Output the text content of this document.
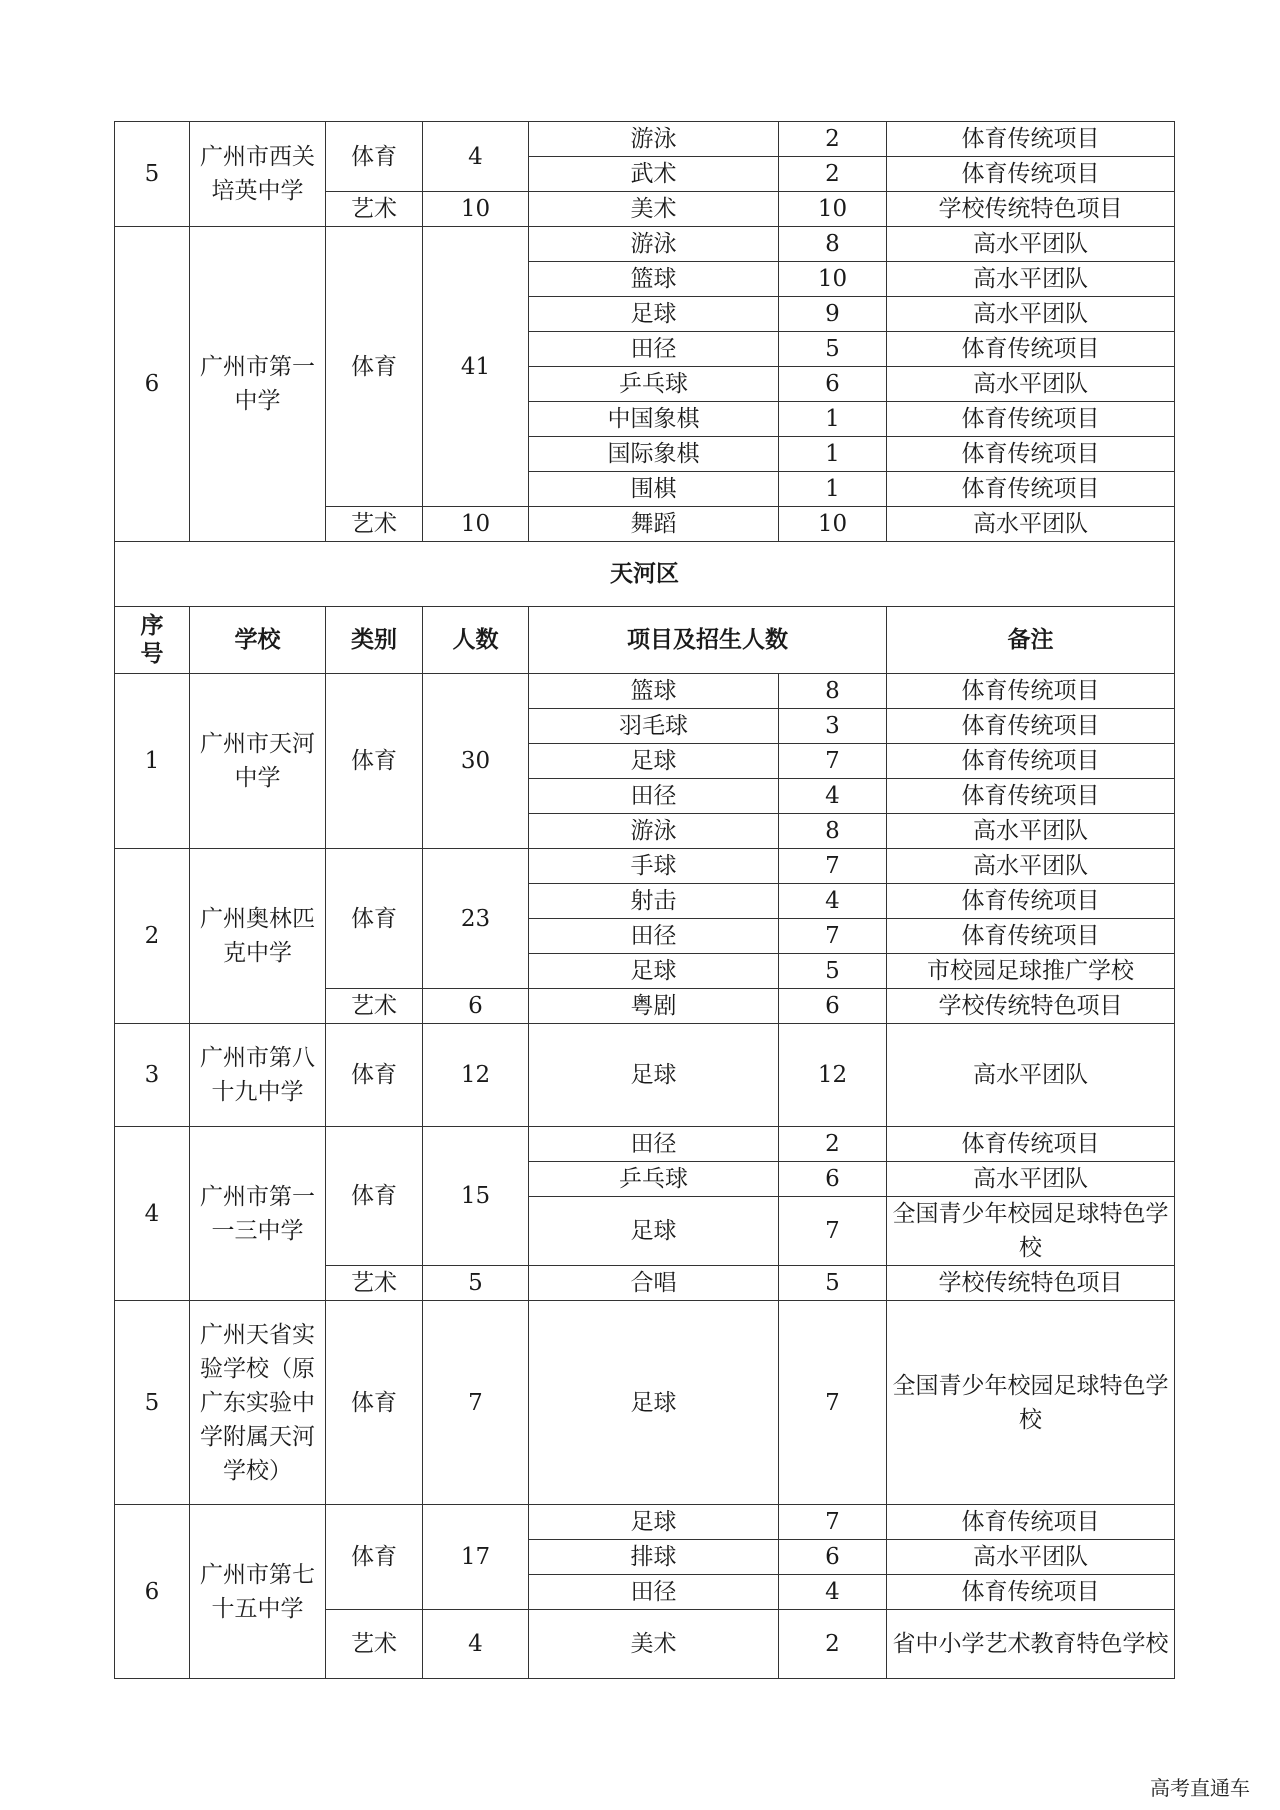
5	广州市西关培英中学	体育	4	游泳	2	体育传统项目
				武术	2	体育传统项目
		艺术	10	美术	10	学校传统特色项目
6	广州市第一中学	体育	41	游泳	8	高水平团队
				篮球	10	高水平团队
				足球	9	高水平团队
				田径	5	体育传统项目
				乒乓球	6	高水平团队
				中国象棋	1	体育传统项目
				国际象棋	1	体育传统项目
				围棋	1	体育传统项目
		艺术	10	舞蹈	10	高水平团队
天河区						
序号	学校	类别	人数	项目及招生人数		备注
1	广州市天河中学	体育	30	篮球	8	体育传统项目
				羽毛球	3	体育传统项目
				足球	7	体育传统项目
				田径	4	体育传统项目
				游泳	8	高水平团队
2	广州奥林匹克中学	体育	23	手球	7	高水平团队
				射击	4	体育传统项目
				田径	7	体育传统项目
				足球	5	市校园足球推广学校
		艺术	6	粤剧	6	学校传统特色项目
3	广州市第八十九中学	体育	12	足球	12	高水平团队
4	广州市第一一三中学	体育	15	田径	2	体育传统项目
				乒乓球	6	高水平团队
				足球	7	全国青少年校园足球特色学校
		艺术	5	合唱	5	学校传统特色项目
5	广州天省实验学校（原广东实验中学附属天河学校）	体育	7	足球	7	全国青少年校园足球特色学校
6	广州市第七十五中学	体育	17	足球	7	体育传统项目
				排球	6	高水平团队
				田径	4	体育传统项目
		艺术	4	美术	2	省中小学艺术教育特色学校
高考直通车
